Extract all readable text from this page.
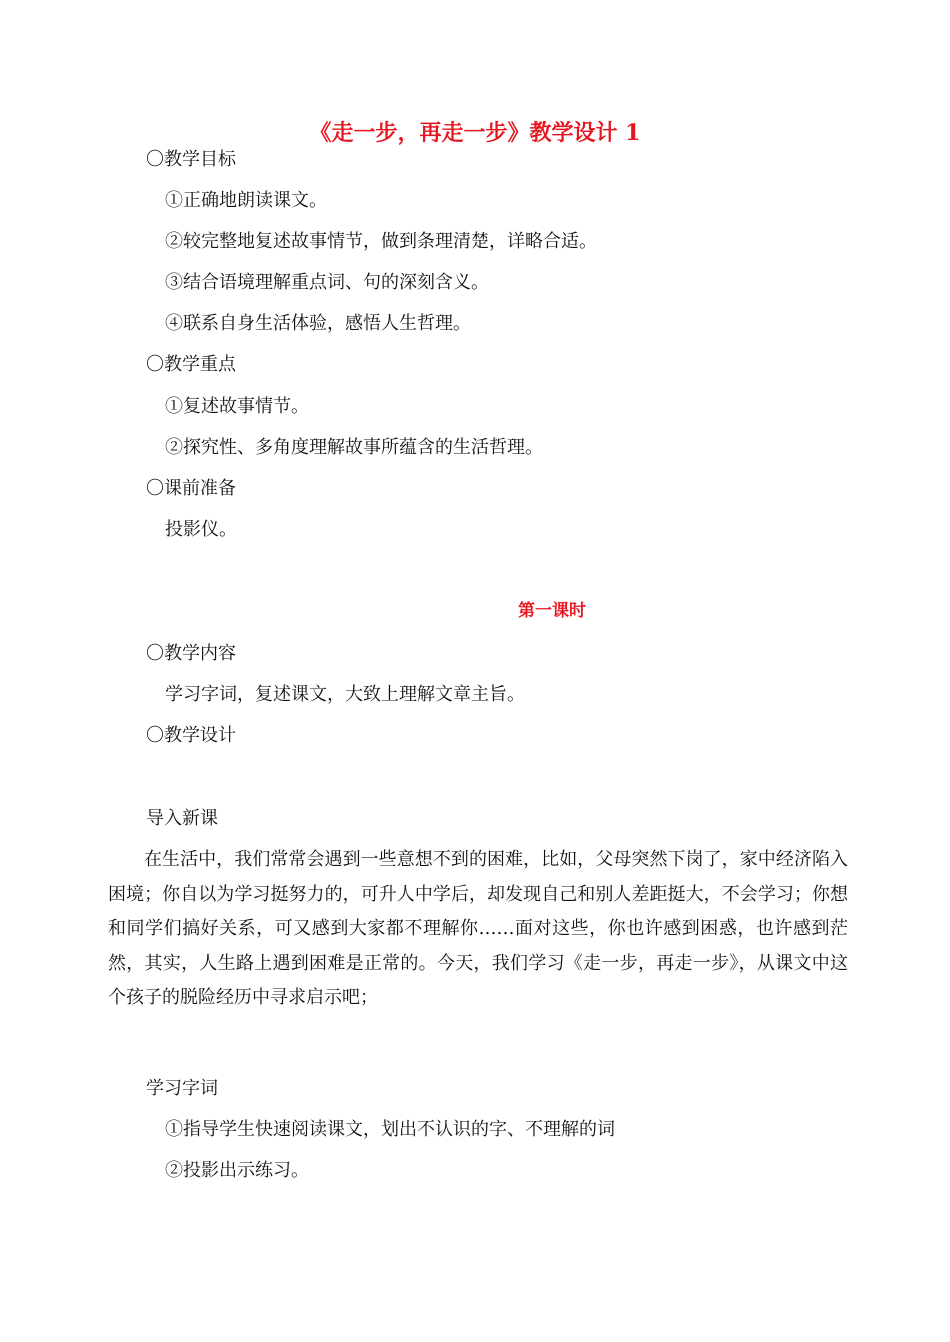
《走一步，再走一步》教学设计 1
〇教学目标
①正确地朗读课文。
②较完整地复述故事情节，做到条理清楚，详略合适。
③结合语境理解重点词、句的深刻含义。
④联系自身生活体验，感悟人生哲理。
〇教学重点
①复述故事情节。
②探究性、多角度理解故事所蕴含的生活哲理。
〇课前准备
投影仪。
第一课时
〇教学内容
学习字词，复述课文，大致上理解文章主旨。
〇教学设计
导入新课
在生活中，我们常常会遇到一些意想不到的困难，比如，父母突然下岗了，家中经济陷入困境；你自以为学习挺努力的，可升人中学后，却发现自己和别人差距挺大，不会学习；你想和同学们搞好关系，可又感到大家都不理解你……面对这些，你也许感到困惑，也许感到茫然，其实，人生路上遇到困难是正常的。今天，我们学习《走一步，再走一步》，从课文中这个孩子的脱险经历中寻求启示吧；
学习字词
①指导学生快速阅读课文，划出不认识的字、不理解的词
②投影出示练习。
